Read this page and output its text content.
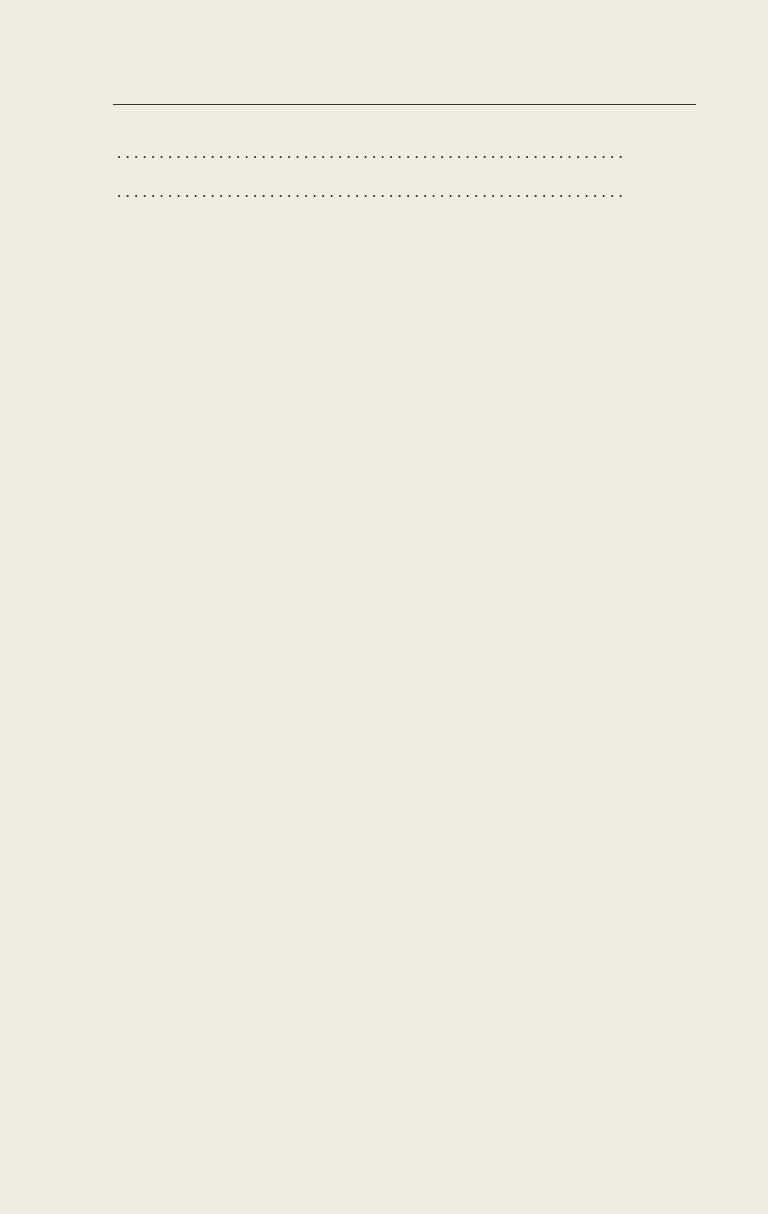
. . .
. . .
